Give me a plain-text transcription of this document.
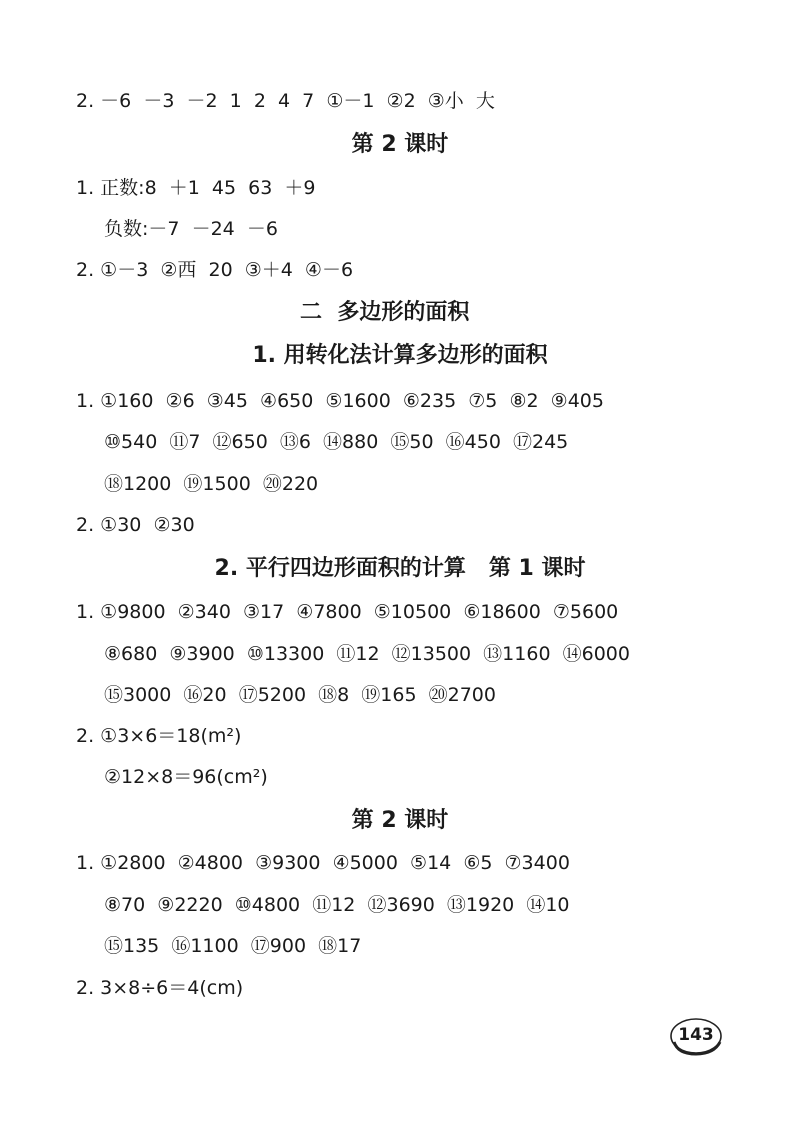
2. －6  －3  －2  1  2  4  7  ①－1  ②2  ③小  大
第 2 课时
1. 正数:8  ＋1  45  63  ＋9
负数:－7  －24  －6
2. ①－3  ②西  20  ③＋4  ④－6
二  多边形的面积
1. 用转化法计算多边形的面积
1. ①160  ②6  ③45  ④650  ⑤1600  ⑥235  ⑦5  ⑧2  ⑨405
⑩540  ⑪7  ⑫650  ⑬6  ⑭880  ⑮50  ⑯450  ⑰245
⑱1200  ⑲1500  ⑳220
2. ①30  ②30
2. 平行四边形面积的计算   第 1 课时
1. ①9800  ②340  ③17  ④7800  ⑤10500  ⑥18600  ⑦5600
⑧680  ⑨3900  ⑩13300  ⑪12  ⑫13500  ⑬1160  ⑭6000
⑮3000  ⑯20  ⑰5200  ⑱8  ⑲165  ⑳2700
2. ①3×6＝18(m²)
②12×8＝96(cm²)
第 2 课时
1. ①2800  ②4800  ③9300  ④5000  ⑤14  ⑥5  ⑦3400
⑧70  ⑨2220  ⑩4800  ⑪12  ⑫3690  ⑬1920  ⑭10
⑮135  ⑯1100  ⑰900  ⑱17
2. 3×8÷6＝4(cm)
143
